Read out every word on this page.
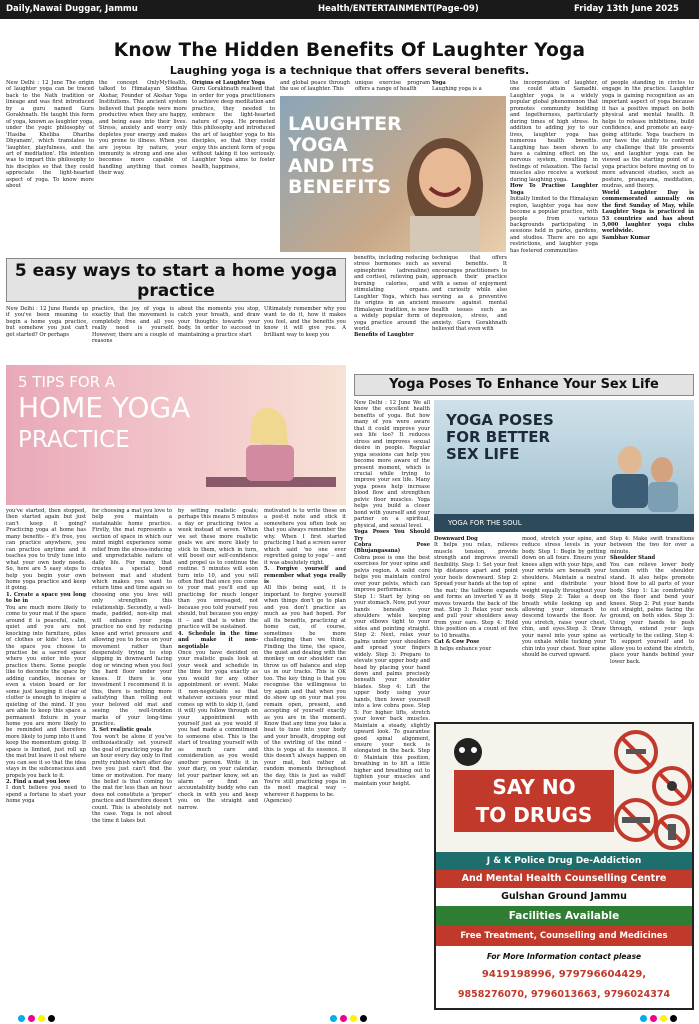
Daily,Nawai Duggar, Jammu	Health/ENTERTAINMENT (Page-09)	Friday 13th June 2025
Know The Hidden Benefits Of Laughter Yoga
Laughing yoga is a technique that offers several benefits.

New Delhi : 12 June The origin of laughter yoga can be traced back to the Nath tradition or lineage and was first introduced by a guru named Guru Gorakhnath. He taught this form of yoga, known as laughter yoga, under the yogic philosophy of 'Hasiba Kheliba Dhariba Dhyanam', which translates to 'laughter, playfulness, and the art of meditation'. His intention was to impart this philosophy to his disciples so that they could appreciate the light-hearted aspect of yoga. To know more about

the concept OnlyMyHealth, talked to Himalayan Siddhaa Akshar, Founder of Akshar Yoga Institutions. This ancient system believed that people were more productive when they are happy, and being ease into their lives. Stress, anxiety and worry only depletes your energy and makes you prone to illness. When you are joyous by nature, your immunity is strong and one also becomes more capable of handling anything that comes their way.

Origins of Laughter Yoga

Guru Gorakhnath realised that in order for yoga practitioners to achieve deep meditation and practice, they needed to embrace the light-hearted nature of yoga. He promoted this philosophy and introduced the art of laughter yoga to his disciples, so that they could enjoy this ancient form of yoga without taking it too seriously. Laughter Yoga aims to foster health, happiness,

and global peace through the use of laughter. This

unique exercise program offers a range of health

Yoga

Laughing yoga is a

LAUGHTER
YOGA
AND ITS
BENEFITS

the incorporation of laughter, one could attain Samadhi. Laughter yoga is a widely popular global phenomenon that promotes community building and togetherness, particularly during times of high stress. In addition to adding joy to our lives, laughter yoga has numerous health benefits. Laughing has been shown to have a calming effect on the nervous system, resulting in feelings of relaxation. The facial muscles also receive a workout during laughing yoga.

How To Practise Laughter Yoga

Initially limited to the Himalayan region, laughter yoga has now become a popular practice, with people from various backgrounds participating in sessions held in parks, gardens, and studios. There are no age restrictions, and laughter yoga has fostered communities

of people standing in circles to engage in the practice. Laughter yoga is gaining recognition as an important aspect of yoga because it has a positive impact on both physical and mental health. It helps to release inhibitions, build confidence, and promote an easy-going attitude. Yoga teachers in our have the ability to confront any challenge that life presents us, and laughter yoga can be viewed as the starting point of a yoga practice before moving on to more advanced studies, such as posture, pranayama, meditation, mudras, and theory.

World Laughter Day is commemorated annually on the first Sunday of May, while Laughter Yoga is practiced in 53 countries and has about 5,000 laughter yoga clubs worldwide.

Sambhav Kumar

benefits, including reducing stress hormones such as epinephrine (adrenaline) and cortisol, relieving pain, burning calories, and stimulating organs. Laughter Yoga, which has its origins in an ancient Himalayan tradition, is now a widely popular form of yoga practice around the world.

Benefits of Laughter

technique that offers several benefits. It encourages practitioners to approach their practice with a sense of enjoyment and curiosity while also serving as a preventive measure against mental health issues such as depression, stress, and anxiety. Guru Gorakhnath believed that even with

5 easy ways to start a home yoga practice

New Delhi : 12 June Hands up if you've been meaning to begin a home yoga practice, but somehow you just can't get started? Or perhaps

practice, the joy of yoga is exactly that the movement is completely free and all you really need is yourself. However, there are a couple of reasons

about the moments you stop, catch your breath, and draw your thoughts towards your body. In order to succeed in maintaining a practice start

Ultimately remember why you want to do it, how it makes you feel, and the benefits you know it will give you. A brilliant way to keep you

5 TIPS FOR A
HOME YOGA
PRACTICE

you've started, then stopped, then started again but just can't keep it going? Practicing yoga at home has many benefits – it's free, you can practice anywhere, you can practice anytime and it teaches you to truly tune into what your own body needs. So, here are 5 easy steps to help you begin your own home yoga practice and keep it going.

1. Create a space you long to be in

You are much more likely to come to your mat if the space around it is peaceful, calm, quiet and you are not knocking into furniture, piles of clothes or kids' toys. Let the space you choose to practise be a sacred space where you enter into your practice there. Some people like to decorate the space by adding candles, incense or even a vision board or for some just keeping it clear of clutter is enough to inspire a quieting of the mind. If you are able to keep this space a permanent fixture in your home you are more likely to be reminded and therefore more likely to jump into it and keep the momentum going. If space is limited, just roll up the mat but leave it out where you can see it so that the idea stays in the subconscious and propels you back to it.

2. Find a mat you love

I don't believe you need to spend a fortune to start your home yoga

for choosing a mat you love to help you maintain a sustainable home practice. Firstly, the mat represents a section of space in which our mind might experience some relief from the stress-inducing and unpredictable nature of daily life. For many, that creates a special bond between mat and student which makes you want to return time and time again so choosing one you love will only strengthen this relationship. Secondly, a well-made, padded, non-slip mat will enhance your yoga practice no end by reducing knee and wrist pressure and allowing you to focus on your movement rather than desperately trying to stop slipping in downward facing dog or wincing when you feel the hard floor under your knees. If there is one investment I recommend it is this, there is nothing more satisfying than rolling out your beloved old mat and seeing the well-trodden marks of your long-time practice.

3. Set realistic goals

You won't be alone if you've enthusiastically set yourself the goal of practicing yoga for an hour every day only to find pretty rubbish when after day two you just can't find the time or motivation. For many the belief is that coming to the mat for less than an hour does not constitute a 'proper' practice and therefore doesn't count. This is absolutely not the case. Yoga is not about the time it takes but

by setting realistic goals; perhaps this means 5 minutes a day or practicing twice a week instead of seven. When we set these more realistic goals we are more likely to stick to them, which in turn, will boost our self-confidence and propel us to continue the routine. 5 minutes will soon turn into 10, and you will often find that once you come to your mat you'll end up practicing for much longer than you envisaged, not because you told yourself you should, but because you enjoy it – and that is when the practice will be sustained.

4. Schedule in the time and make it non-negotiable

Once you have decided on your realistic goals look at your week and schedule in the time for yoga exactly as you would for any other appointment or event. Make it non-negotiable so that whatever excuses your mind comes up with to skip it, (and it will) you follow through on your appointment with yourself just as you would if you had made a commitment to someone else. This is the start of treating yourself with as much care and consideration as you would another person. Write it in your diary, on your calendar, let your partner know, set an alarm or find an accountability buddy who can check in with you and keep you on the straight and narrow.

motivated is to write these on a post-it note and stick it somewhere you often look so that you always remember the why. When I first started practicing I had a screen saver which said 'no one ever regretted going to yoga' – and it was absolutely right.

5. Forgive yourself and remember what yoga really is

All this being said, it is important to forgive yourself when things don't go to plan and you don't practice as much as you had hoped. For all its benefits, practicing at home can, of course, sometimes be more challenging than we think. Finding the time, the space, the quiet and dealing with the monkey on our shoulder can throw us off balance and stop us in our tracks. This is OK too. The key thing is that you recognise the willingness to try again and that when you do show up on your mat you remain open, present, and accepting of yourself exactly as you are in the moment. Know that any time you take a beat to tune into your body and your breath, dropping out of the swirling of the mind - this is yoga at its essence. If this doesn't always happen on your mat, but rather at random moments throughout the day, this is just as valid! You're still practicing yoga in its most magical way – wherever it happens to be.

(Agencies)

Yoga Poses To Enhance Your Sex Life

New Delhi : 12 June We all know the excellent health benefits of yoga. But how many of you were aware that it could improve your sex life too? It reduces stress and improves sexual desire in people. Regular yoga sessions can help you become more aware of the present moment, which is crucial while trying to improve your sex life. Many yoga poses help increase blood flow and strengthen pelvic floor muscles. Yoga helps you build a closer bond with yourself and your partner on a spiritual, physical, and sexual level.

Yoga Poses You Should Try

Cobra Pose (Bhujangasana)

Cobra pose is one the best exercises for your spine and pelvis region. A solid core helps you maintain control over your pelvis, which can improve performance.

Step 1: Start by lying on your stomach. Now, put your hands beneath your shoulders while keeping your elbows tight to your sides and pointing straight. Step 2: Next, relax your palms under your shoulders and spread your fingers widely. Step 3: Prepare to elevate your upper body and head by placing your hand down and palms precisely beneath your shoulder blades. Step 4: Lift the upper body using your hands, then lower yourself into a low cobra pose. Step 5: For higher lifts, stretch your lower back muscles. Maintain a steady, slightly upward look. To guarantee good spinal alignment, ensure your neck is elongated in the back. Step 6: Maintain this position, breathing in to lift a little higher and breathing out to tighten your muscles and maintain your height.

YOGA POSES
FOR BETTER
SEX LIFE
YOGA FOR THE SOUL

Downward Dog

It helps you relax, relieves muscle tension, provide strength and improve overall flexibility. Step 1: Set your feet hip distance apart and point your heels downward. Step 2: Spread your hands at the top of the mat; the tailbone expands and forms an inverted V as it moves towards the back of the mat. Step 3: Relax your neck and pull your shoulders away from your ears. Step 4: Hold this position on a count of five to 10 breaths.

Cat & Cow Pose

It helps enhance your

mood, stretch your spine, and reduce stress levels in your body. Step 1: Begin by getting down on all fours. Ensure your knees align with your hips, and your wrists are beneath your shoulders. Maintain a neutral spine and distribute your weight equally throughout your body. Step 2: Take a deep breath while looking up and allowing your stomach to descend towards the floor. As you stretch, raise your chest, chin, and eyes.Step 3: Draw your navel into your spine as you exhale while tucking your chin into your chest. Your spine should be curved upward.

Step 4: Make swift transitions between the two for over a minute.

Shoulder Stand

You can relieve lower body tension with the shoulder stand. It also helps promote blood flow to all parts of your body. Step 1: Lie comfortably on the floor and bend your knees. Step 2: Put your hands out straight, palms facing the ground, on both sides. Step 3: Using your hands to push through, extend your legs vertically to the ceiling. Step 4: To support yourself and to allow you to extend the stretch, place your hands behind your lower back.

SAY NO
TO DRUGS
J & K Police Drug De-Addiction
And Mental Health Counselling Centre
Gulshan Ground Jammu
Facilities Available
Free Treatment, Counselling and Medicines
For More Information contact please
9419198996, 979796604429,
9858276070, 9796013663, 9796024374
